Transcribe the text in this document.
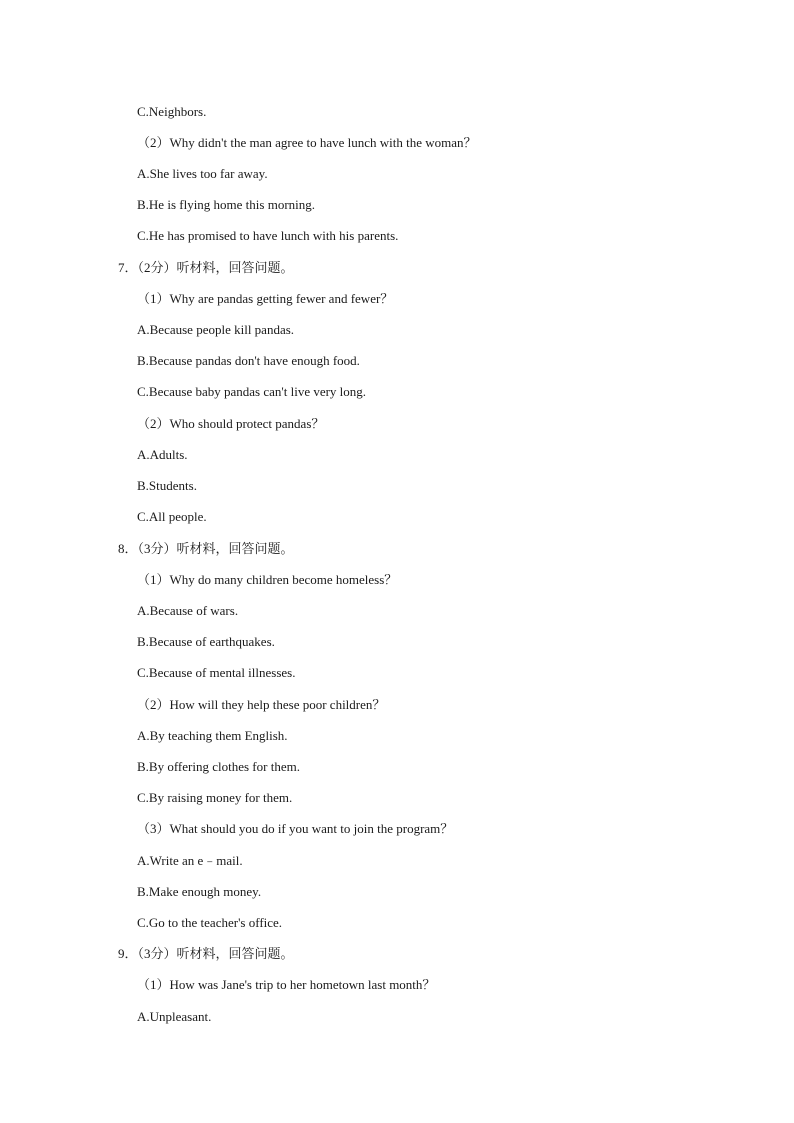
C.Neighbors.
（2）Why didn't the man agree to have lunch with the woman？
A.She lives too far away.
B.He is flying home this morning.
C.He has promised to have lunch with his parents.
7．（2分）听材料，回答问题。
（1）Why are pandas getting fewer and fewer？
A.Because people kill pandas.
B.Because pandas don't have enough food.
C.Because baby pandas can't live very long.
（2）Who should protect pandas？
A.Adults.
B.Students.
C.All people.
8．（3分）听材料，回答问题。
（1）Why do many children become homeless？
A.Because of wars.
B.Because of earthquakes.
C.Because of mental illnesses.
（2）How will they help these poor children？
A.By teaching them English.
B.By offering clothes for them.
C.By raising money for them.
（3）What should you do if you want to join the program？
A.Write an e﹣mail.
B.Make enough money.
C.Go to the teacher's office.
9．（3分）听材料，回答问题。
（1）How was Jane's trip to her hometown last month？
A.Unpleasant.
